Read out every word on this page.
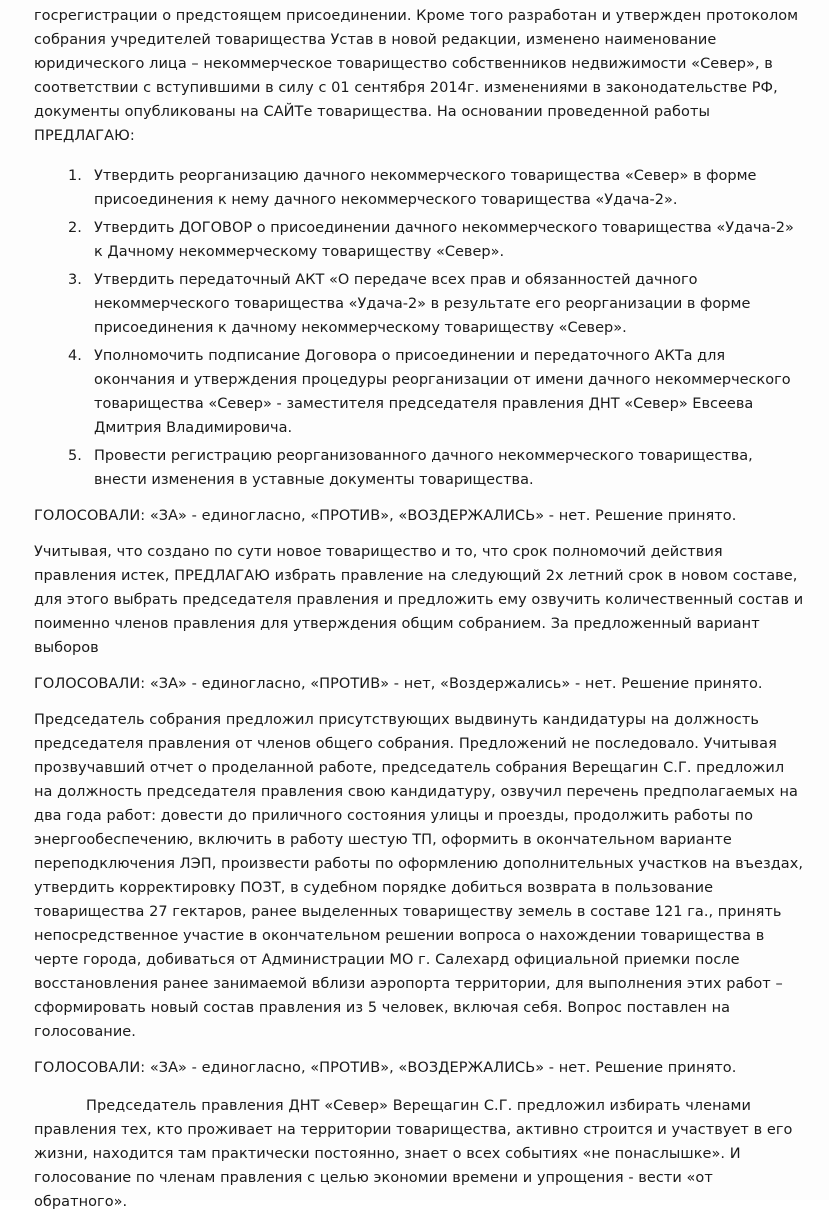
госрегистрации о предстоящем присоединении. Кроме того разработан и утвержден протоколом собрания учредителей товарищества Устав в новой редакции, изменено наименование юридического лица – некоммерческое товарищество собственников недвижимости «Север», в соответствии с вступившими в силу с 01 сентября 2014г. изменениями в законодательстве РФ, документы опубликованы на САЙТе товарищества. На основании проведенной работы ПРЕДЛАГАЮ:

1. Утвердить реорганизацию дачного некоммерческого товарищества «Север» в форме присоединения к нему дачного некоммерческого товарищества «Удача-2».
2. Утвердить ДОГОВОР о присоединении дачного некоммерческого товарищества «Удача-2» к Дачному некоммерческому товариществу «Север».
3. Утвердить передаточный АКТ «О передаче всех прав и обязанностей дачного некоммерческого товарищества «Удача-2» в результате его реорганизации в форме присоединения к дачному некоммерческому товариществу «Север».
4. Уполномочить подписание Договора о присоединении и передаточного АКТа для окончания и утверждения процедуры реорганизации от имени дачного некоммерческого товарищества «Север» - заместителя председателя правления ДНТ «Север» Евсеева Дмитрия Владимировича.
5. Провести регистрацию реорганизованного дачного некоммерческого товарищества, внести изменения в уставные документы товарищества.

ГОЛОСОВАЛИ: «ЗА» - единогласно, «ПРОТИВ», «ВОЗДЕРЖАЛИСЬ» - нет. Решение принято.

Учитывая, что создано по сути новое товарищество и то, что срок полномочий действия правления истек, ПРЕДЛАГАЮ избрать правление на следующий 2х летний срок в новом составе, для этого выбрать председателя правления и предложить ему озвучить количественный состав и поименно членов правления для утверждения общим собранием. За предложенный вариант выборов

ГОЛОСОВАЛИ: «ЗА» - единогласно, «ПРОТИВ» - нет, «Воздержались» - нет. Решение принято.

Председатель собрания предложил присутствующих выдвинуть кандидатуры на должность председателя правления от членов общего собрания. Предложений не последовало. Учитывая прозвучавший отчет о проделанной работе, председатель собрания Верещагин С.Г. предложил на должность председателя правления свою кандидатуру, озвучил перечень предполагаемых на два года работ: довести до приличного состояния улицы и проезды, продолжить работы по энергообеспечению, включить в работу шестую ТП, оформить в окончательном варианте переподключения ЛЭП, произвести работы по оформлению дополнительных участков на въездах, утвердить корректировку ПОЗТ, в судебном порядке добиться возврата в пользование товарищества 27 гектаров, ранее выделенных товариществу земель в составе 121 га., принять непосредственное участие в окончательном решении вопроса о нахождении товарищества в черте города, добиваться от Администрации МО г. Салехард официальной приемки после восстановления ранее занимаемой вблизи аэропорта территории, для выполнения этих работ – сформировать новый состав правления из 5 человек, включая себя. Вопрос поставлен на голосование.

ГОЛОСОВАЛИ: «ЗА» - единогласно, «ПРОТИВ», «ВОЗДЕРЖАЛИСЬ» - нет. Решение принято.

Председатель правления ДНТ «Север» Верещагин С.Г. предложил избирать членами правления тех, кто проживает на территории товарищества, активно строится и участвует в его жизни, находится там практически постоянно, знает о всех событиях «не понаслышке». И голосование по членам правления с целью экономии времени и упрощения - вести «от обратного».
